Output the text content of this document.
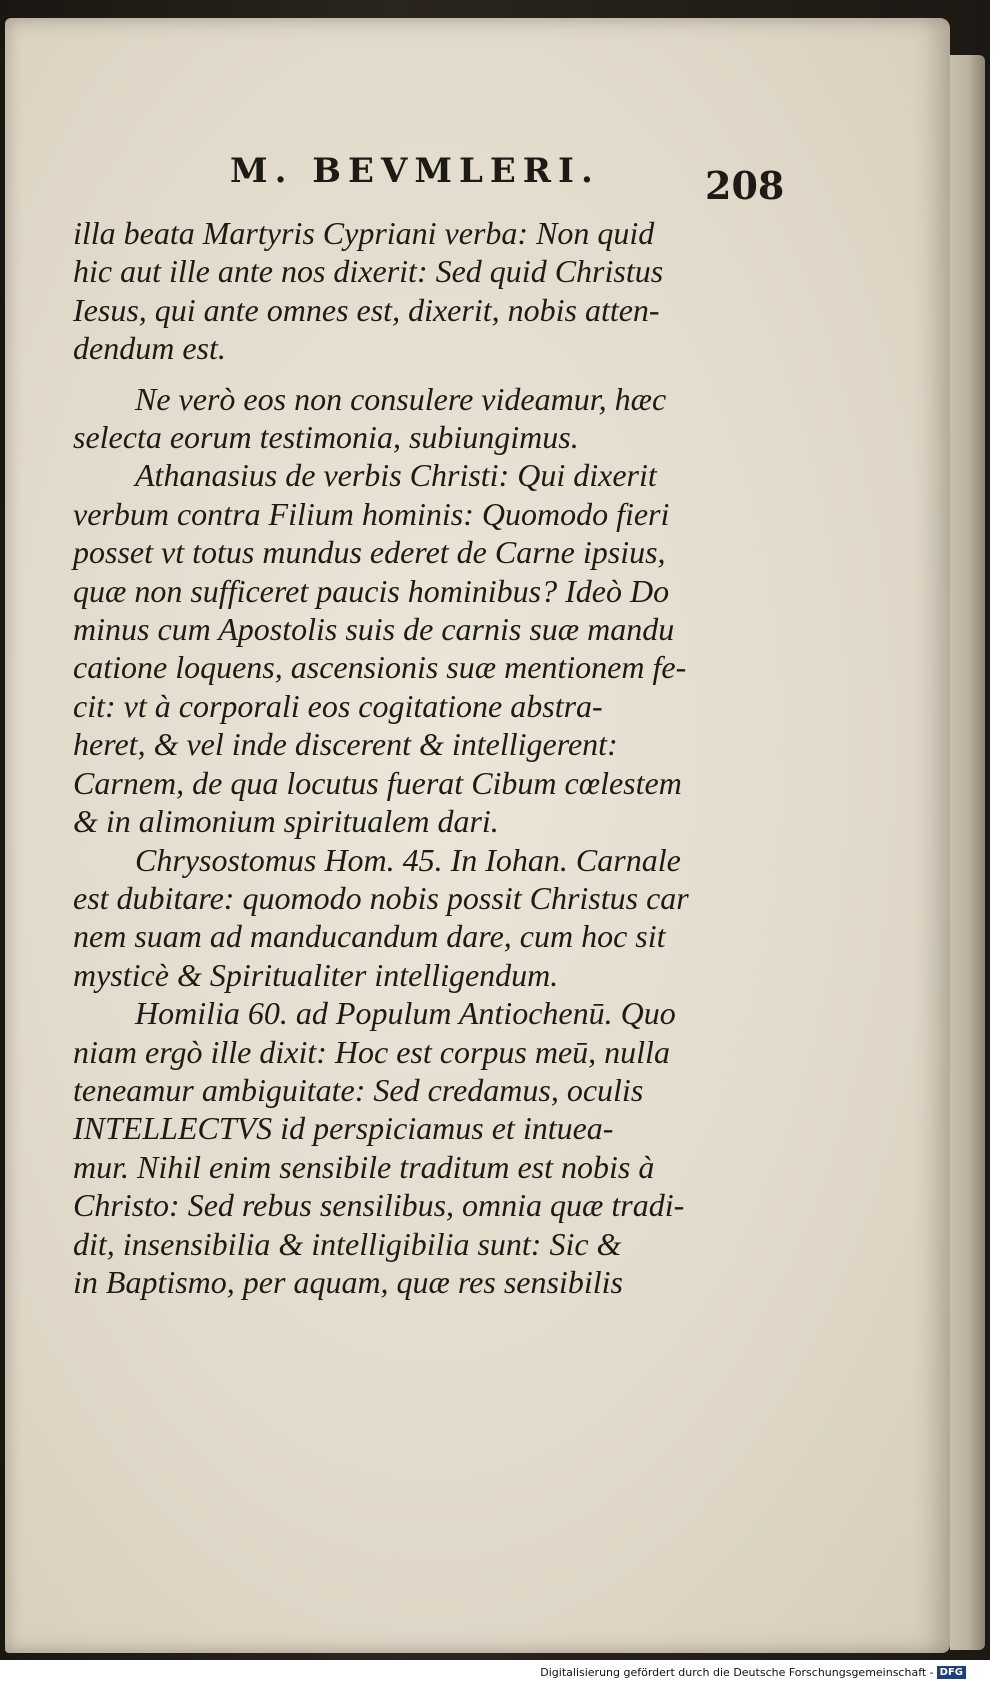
M. BEVMLERI.	208
illa beata Martyris Cypriani verba: Non quid
hic aut ille ante nos dixerit: Sed quid Christus
Iesus, qui ante omnes est, dixerit, nobis atten-
dendum est.
Ne verò eos non consulere videamur, hæc
selecta eorum testimonia, subiungimus.
Athanasius de verbis Christi: Qui dixerit
verbum contra Filium hominis: Quomodo fieri
posset vt totus mundus ederet de Carne ipsius,
quæ non sufficeret paucis hominibus? Ideò Do
minus cum Apostolis suis de carnis suæ mandu
catione loquens, ascensionis suæ mentionem fe-
cit: vt à corporali eos cogitatione abstra-
heret, & vel inde discerent & intelligerent:
Carnem, de qua locutus fuerat Cibum cœlestem
& in alimonium spiritualem dari.
Chrysostomus Hom. 45. In Iohan. Carnale
est dubitare: quomodo nobis possit Christus car
nem suam ad manducandum dare, cum hoc sit
mysticè & Spiritualiter intelligendum.
Homilia 60. ad Populum Antiochenū. Quo
niam ergò ille dixit: Hoc est corpus meū, nulla
teneamur ambiguitate: Sed credamus, oculis
INTELLECTVS id perspiciamus et intuea-
mur. Nihil enim sensibile traditum est nobis à
Christo: Sed rebus sensilibus, omnia quæ tradi-
dit, insensibilia & intelligibilia sunt: Sic &
in Baptismo, per aquam, quæ res sensibilis
Digitalisierung gefördert durch die Deutsche Forschungsgemeinschaft - DFG
